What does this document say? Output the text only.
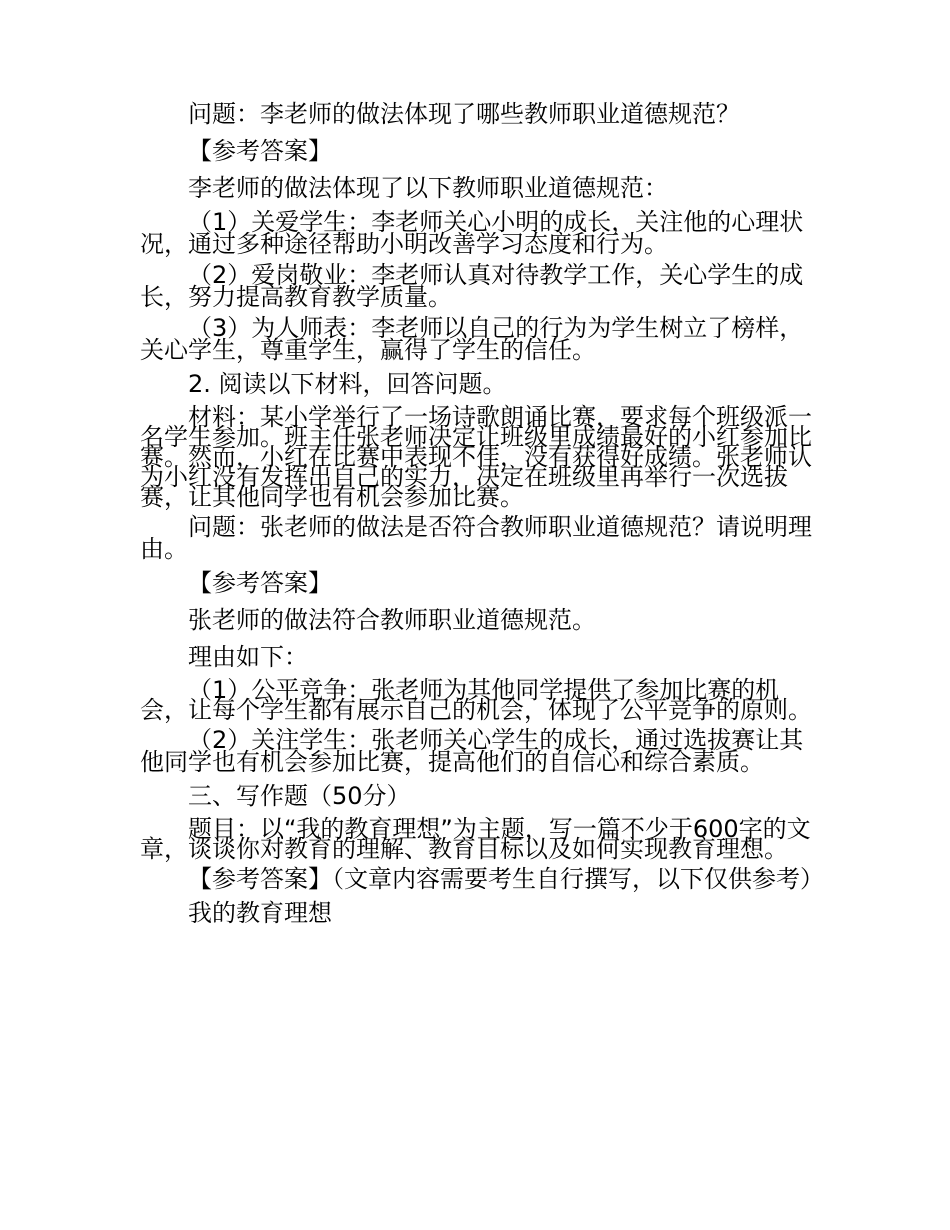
问题：李老师的做法体现了哪些教师职业道德规范？

【参考答案】

李老师的做法体现了以下教师职业道德规范：

（1）关爱学生：李老师关心小明的成长，关注他的心理状况，通过多种途径帮助小明改善学习态度和行为。

（2）爱岗敬业：李老师认真对待教学工作，关心学生的成长，努力提高教育教学质量。

（3）为人师表：李老师以自己的行为为学生树立了榜样，关心学生，尊重学生，赢得了学生的信任。

2. 阅读以下材料，回答问题。

材料：某小学举行了一场诗歌朗诵比赛，要求每个班级派一名学生参加。班主任张老师决定让班级里成绩最好的小红参加比赛。然而，小红在比赛中表现不佳，没有获得好成绩。张老师认为小红没有发挥出自己的实力，决定在班级里再举行一次选拔赛，让其他同学也有机会参加比赛。

问题：张老师的做法是否符合教师职业道德规范？请说明理由。

【参考答案】

张老师的做法符合教师职业道德规范。

理由如下：

（1）公平竞争：张老师为其他同学提供了参加比赛的机会，让每个学生都有展示自己的机会，体现了公平竞争的原则。

（2）关注学生：张老师关心学生的成长，通过选拔赛让其他同学也有机会参加比赛，提高他们的自信心和综合素质。

三、写作题（50分）

题目：以“我的教育理想”为主题，写一篇不少于600字的文章，谈谈你对教育的理解、教育目标以及如何实现教育理想。

【参考答案】（文章内容需要考生自行撰写，以下仅供参考）

我的教育理想
